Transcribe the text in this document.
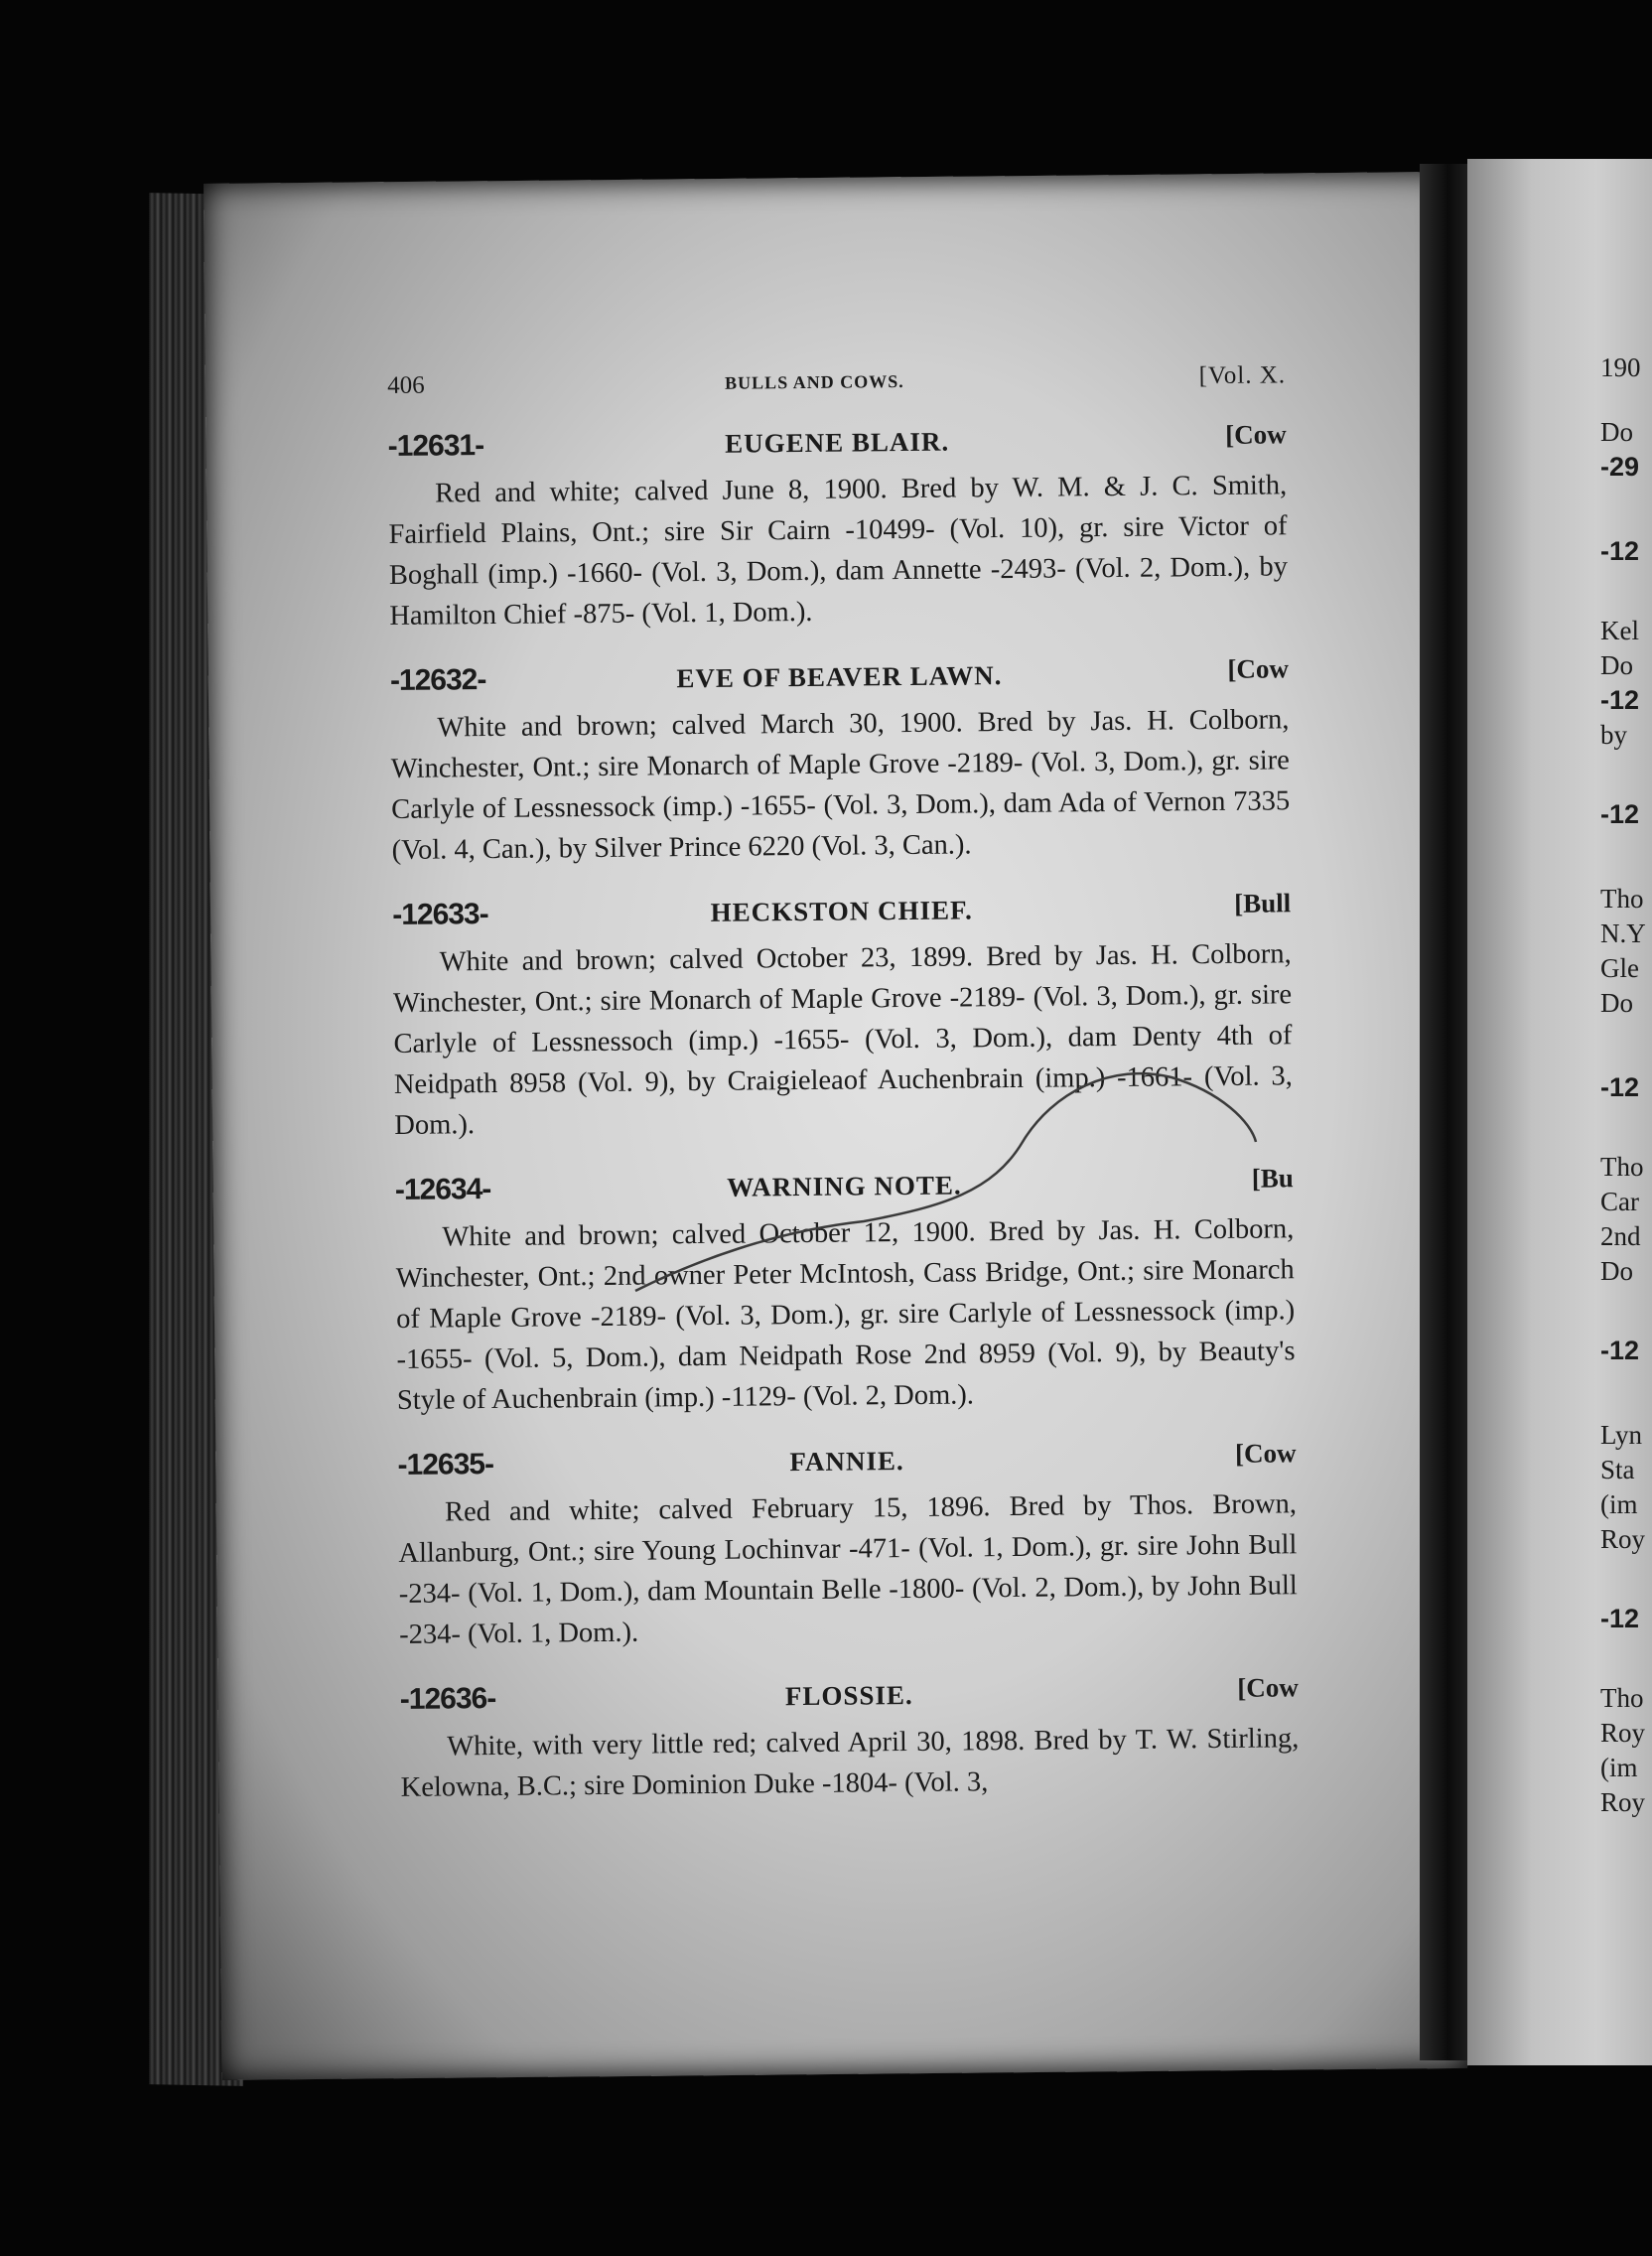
406	BULLS AND COWS.	[Vol. X.
-12631-	EUGENE BLAIR.	[Cow
Red and white; calved June 8, 1900. Bred by W. M. & J. C. Smith, Fairfield Plains, Ont.; sire Sir Cairn -10499- (Vol. 10), gr. sire Victor of Boghall (imp.) -1660- (Vol. 3, Dom.), dam Annette -2493- (Vol. 2, Dom.), by Hamilton Chief -875- (Vol. 1, Dom.).
-12632-	EVE OF BEAVER LAWN.	[Cow
White and brown; calved March 30, 1900. Bred by Jas. H. Colborn, Winchester, Ont.; sire Monarch of Maple Grove -2189- (Vol. 3, Dom.), gr. sire Carlyle of Lessnessock (imp.) -1655- (Vol. 3, Dom.), dam Ada of Vernon 7335 (Vol. 4, Can.), by Silver Prince 6220 (Vol. 3, Can.).
-12633-	HECKSTON CHIEF.	[Bull
White and brown; calved October 23, 1899. Bred by Jas. H. Colborn, Winchester, Ont.; sire Monarch of Maple Grove -2189- (Vol. 3, Dom.), gr. sire Carlyle of Lessnessoch (imp.) -1655- (Vol. 3, Dom.), dam Denty 4th of Neidpath 8958 (Vol. 9), by Craigieleaof Auchenbrain (imp.) -1661- (Vol. 3, Dom.).
-12634-	WARNING NOTE.	[Bu
White and brown; calved October 12, 1900. Bred by Jas. H. Colborn, Winchester, Ont.; 2nd owner Peter McIntosh, Cass Bridge, Ont.; sire Monarch of Maple Grove -2189- (Vol. 3, Dom.), gr. sire Carlyle of Lessnessock (imp.) -1655- (Vol. 5, Dom.), dam Neidpath Rose 2nd 8959 (Vol. 9), by Beauty's Style of Auchenbrain (imp.) -1129- (Vol. 2, Dom.).
-12635-	FANNIE.	[Cow
Red and white; calved February 15, 1896. Bred by Thos. Brown, Allanburg, Ont.; sire Young Lochinvar -471- (Vol. 1, Dom.), gr. sire John Bull -234- (Vol. 1, Dom.), dam Mountain Belle -1800- (Vol. 2, Dom.), by John Bull -234- (Vol. 1, Dom.).
-12636-	FLOSSIE.	[Cow
White, with very little red; calved April 30, 1898. Bred by T. W. Stirling, Kelowna, B.C.; sire Dominion Duke -1804- (Vol. 3,
190
Do
-29
-12
Kel
Do
-12
by
-12
Tho
N.Y
Gle
Do
-12
Tho
Car
2nd
Do
-12
Lyn
Sta
(im
Roy
-12
Tho
Roy
(im
Roy
